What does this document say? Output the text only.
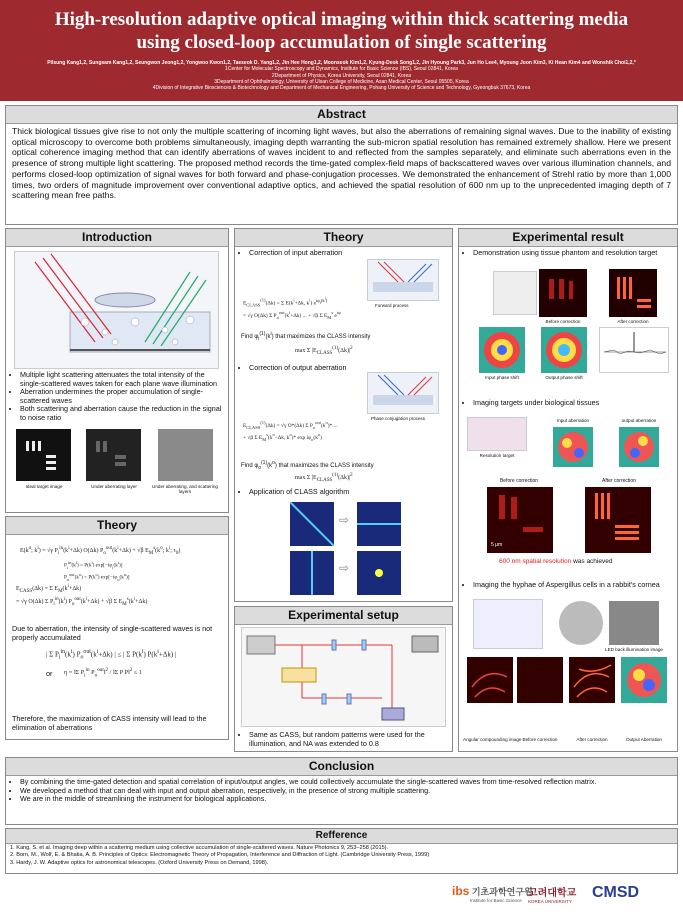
High-resolution adaptive optical imaging within thick scattering media
using closed-loop accumulation of single scattering
Pilsung Kang1,2, Sungsam Kang1,2, Seungwon Jeong1,2, Yongwoo Kwon1,2, Taeseok D. Yang1,2, Jin Hee Hong1,2, Moonseok Kim1,2, Kyung-Deok Song1,2, Jin Hyoung Park3, Jun Ho Lee4, Myoung Joon Kim3, Ki Hean Kim4 and Wonshik Choi1,2,*
1Center for Molecular Spectroscopy and Dynamics, Institute for Basic Science (IBS), Seoul 02841, Korea
2Department of Physics, Korea University, Seoul 02841, Korea
3Department of Ophthalmology, University of Ulsan College of Medicine, Asan Medical Center, Seoul 05505, Korea
4Division of Integrative Biosciences & Biotechnology and Department of Mechanical Engineering, Pohang University of Science and Technology, Gyeongbuk 37673, Korea
Abstract
Thick biological tissues give rise to not only the multiple scattering of incoming light waves, but also the aberrations of remaining signal waves. Due to the inability of existing optical microscopy to overcome both problems simultaneously, imaging depth warranting the sub-micron spatial resolution has remained extremely shallow. Here we present optical coherence imaging method that can identify aberrations of waves incident to and reflected from the samples separately, and eliminate such aberrations even in the presence of strong multiple light scattering. The proposed method records the time-gated complex-field maps of backscattered waves over various illumination channels, and performs closed-loop optimization of signal waves for both forward and phase-conjugation processes. We demonstrated the enhancement of Strehl ratio by more than 1,000 times, two orders of magnitude improvement over conventional adaptive optics, and achieved the spatial resolution of 600 nm up to the unprecedented imaging depth of 7 scattering mean free paths.
Introduction
• Multiple light scattering attenuates the total intensity of the single-scattered waves taken for each plane wave illumination
• Aberration undermines the proper accumulation of single-scattered waves
• Both scattering and aberration cause the reduction in the signal to noise ratio
Ideal target image	Under aberrating layer	Under aberrating, and scattering layers
Theory
$E(k^o$; $k^i) = √\gamma$ $P_i^{in}(k^i+\Delta k)$ O(Δk) $P_o^{out}(k^i+\Delta k) + √\beta$ $E_M^s(k^o$; $k^i$; $\tau_0$)
$P_i^{in}(k^i) = P(k^i)$ $\exp[-i\varphi_i(k^i)]$
$P_o^{out}(k^o) = P(k^o)$ $\exp[-i\varphi_o(k^o)]$
$E_{CASS}(\Delta k) = \Sigma$ $E_M(k^i+\Delta k)$
= √γ O(Δk) Σ $P_i^{in}(k^i) P_o^{out}(k^i+\Delta k) + √\beta$ Σ $E_M^s(k^i+\Delta k)$
Due to aberration, the intensity of single-scattered waves is not properly accumulated
| Σ $P_i^{in}(k^i)$ $P_o^{out}(k^i+\Delta k)$ | ≤ | Σ $P(k^i)$ $P(k^i+\Delta k)$ |
or η = ‖Σ $P_i^{in}$ $P_o^{out}‖^2$ / ‖Σ P P‖$^2$ ≤ 1
Therefore, the maximization of CASS intensity will lead to the elimination of aberrations
Theory
• Correction of input aberration
Forward process
$E_{CLASS}^{(1)}(\Delta k) = \Sigma$ $E(k^i+\Delta k$, $k^i$) $e^{i\varphi_i(k^i)}$
= √γ O(Δk) Σ $P_o^{out}(k^i+\Delta k)$ ... + √β Σ $E_M^s$ $e^{i\varphi}$
Find $\varphi_i^{(1)}(k^i)$ that maximizes the CLASS intensity
max Σ $|E_{CLASS}^{(1)}(\Delta k)|^2$
• Correction of output aberration
Phase conjugation process
$E_{CLASS}^{(1)}(\Delta k) = √\gamma$ O*(Δk) Σ $P_o^{out}(k^o)*$ ...
+ √β Σ $E_M^s(k^o-\Delta k$, $k^o)*$ $\exp i\varphi_o(k^o)$
Find $\varphi_o^{(1)}(k^o)$ that maximizes the CLASS intensity
max Σ $|E_{CLASS}^{(1)}(\Delta k)|^2$
• Application of CLASS algorithm
⇨
⇨
Experimental setup
• Same as CASS, but random patterns were used for the illumination, and NA was extended to 0.8
Experimental result
• Demonstration using tissue phantom and resolution target
Before correction	After correction
Input phase shift	Output phase shift
• Imaging targets under biological tissues
Resolution target
Input aberration	output aberration
Before correction	After correction
5 μm
600 nm spatial resolution was achieved
• Imaging the hyphae of Aspergillus cells in a rabbit's cornea
LED back illumination image
Angular compounding image Before correction	After correction	Output Aberration
Conclusion
• By combining the time-gated detection and spatial correlation of input/output angles, we could collectively accumulate the single-scattered waves from time-resolved reflection matrix.
• We developed a method that can deal with input and output aberration, respectively, in the presence of strong multiple scattering.
• We are in the middle of streamlining the instrument for biological applications.
Refference
1. Kang, S. et al. Imaging deep within a scattering medium using collective accumulation of single-scattered waves. Nature Photonics 9, 253–258 (2015).
2. Born, M., Wolf, E. & Bhatia, A. B. Principles of Optics: Electromagnetic Theory of Propagation, Interference and Diffraction of Light. (Cambridge University Press, 1999)
3. Hardy, J. W. Adaptive optics for astronomical telescopes. (Oxford University Press on Demand, 1998).
ibs 기초과학연구원
Institute for Basic Science
고려대학교
KOREA UNIVERSITY
CMSD
